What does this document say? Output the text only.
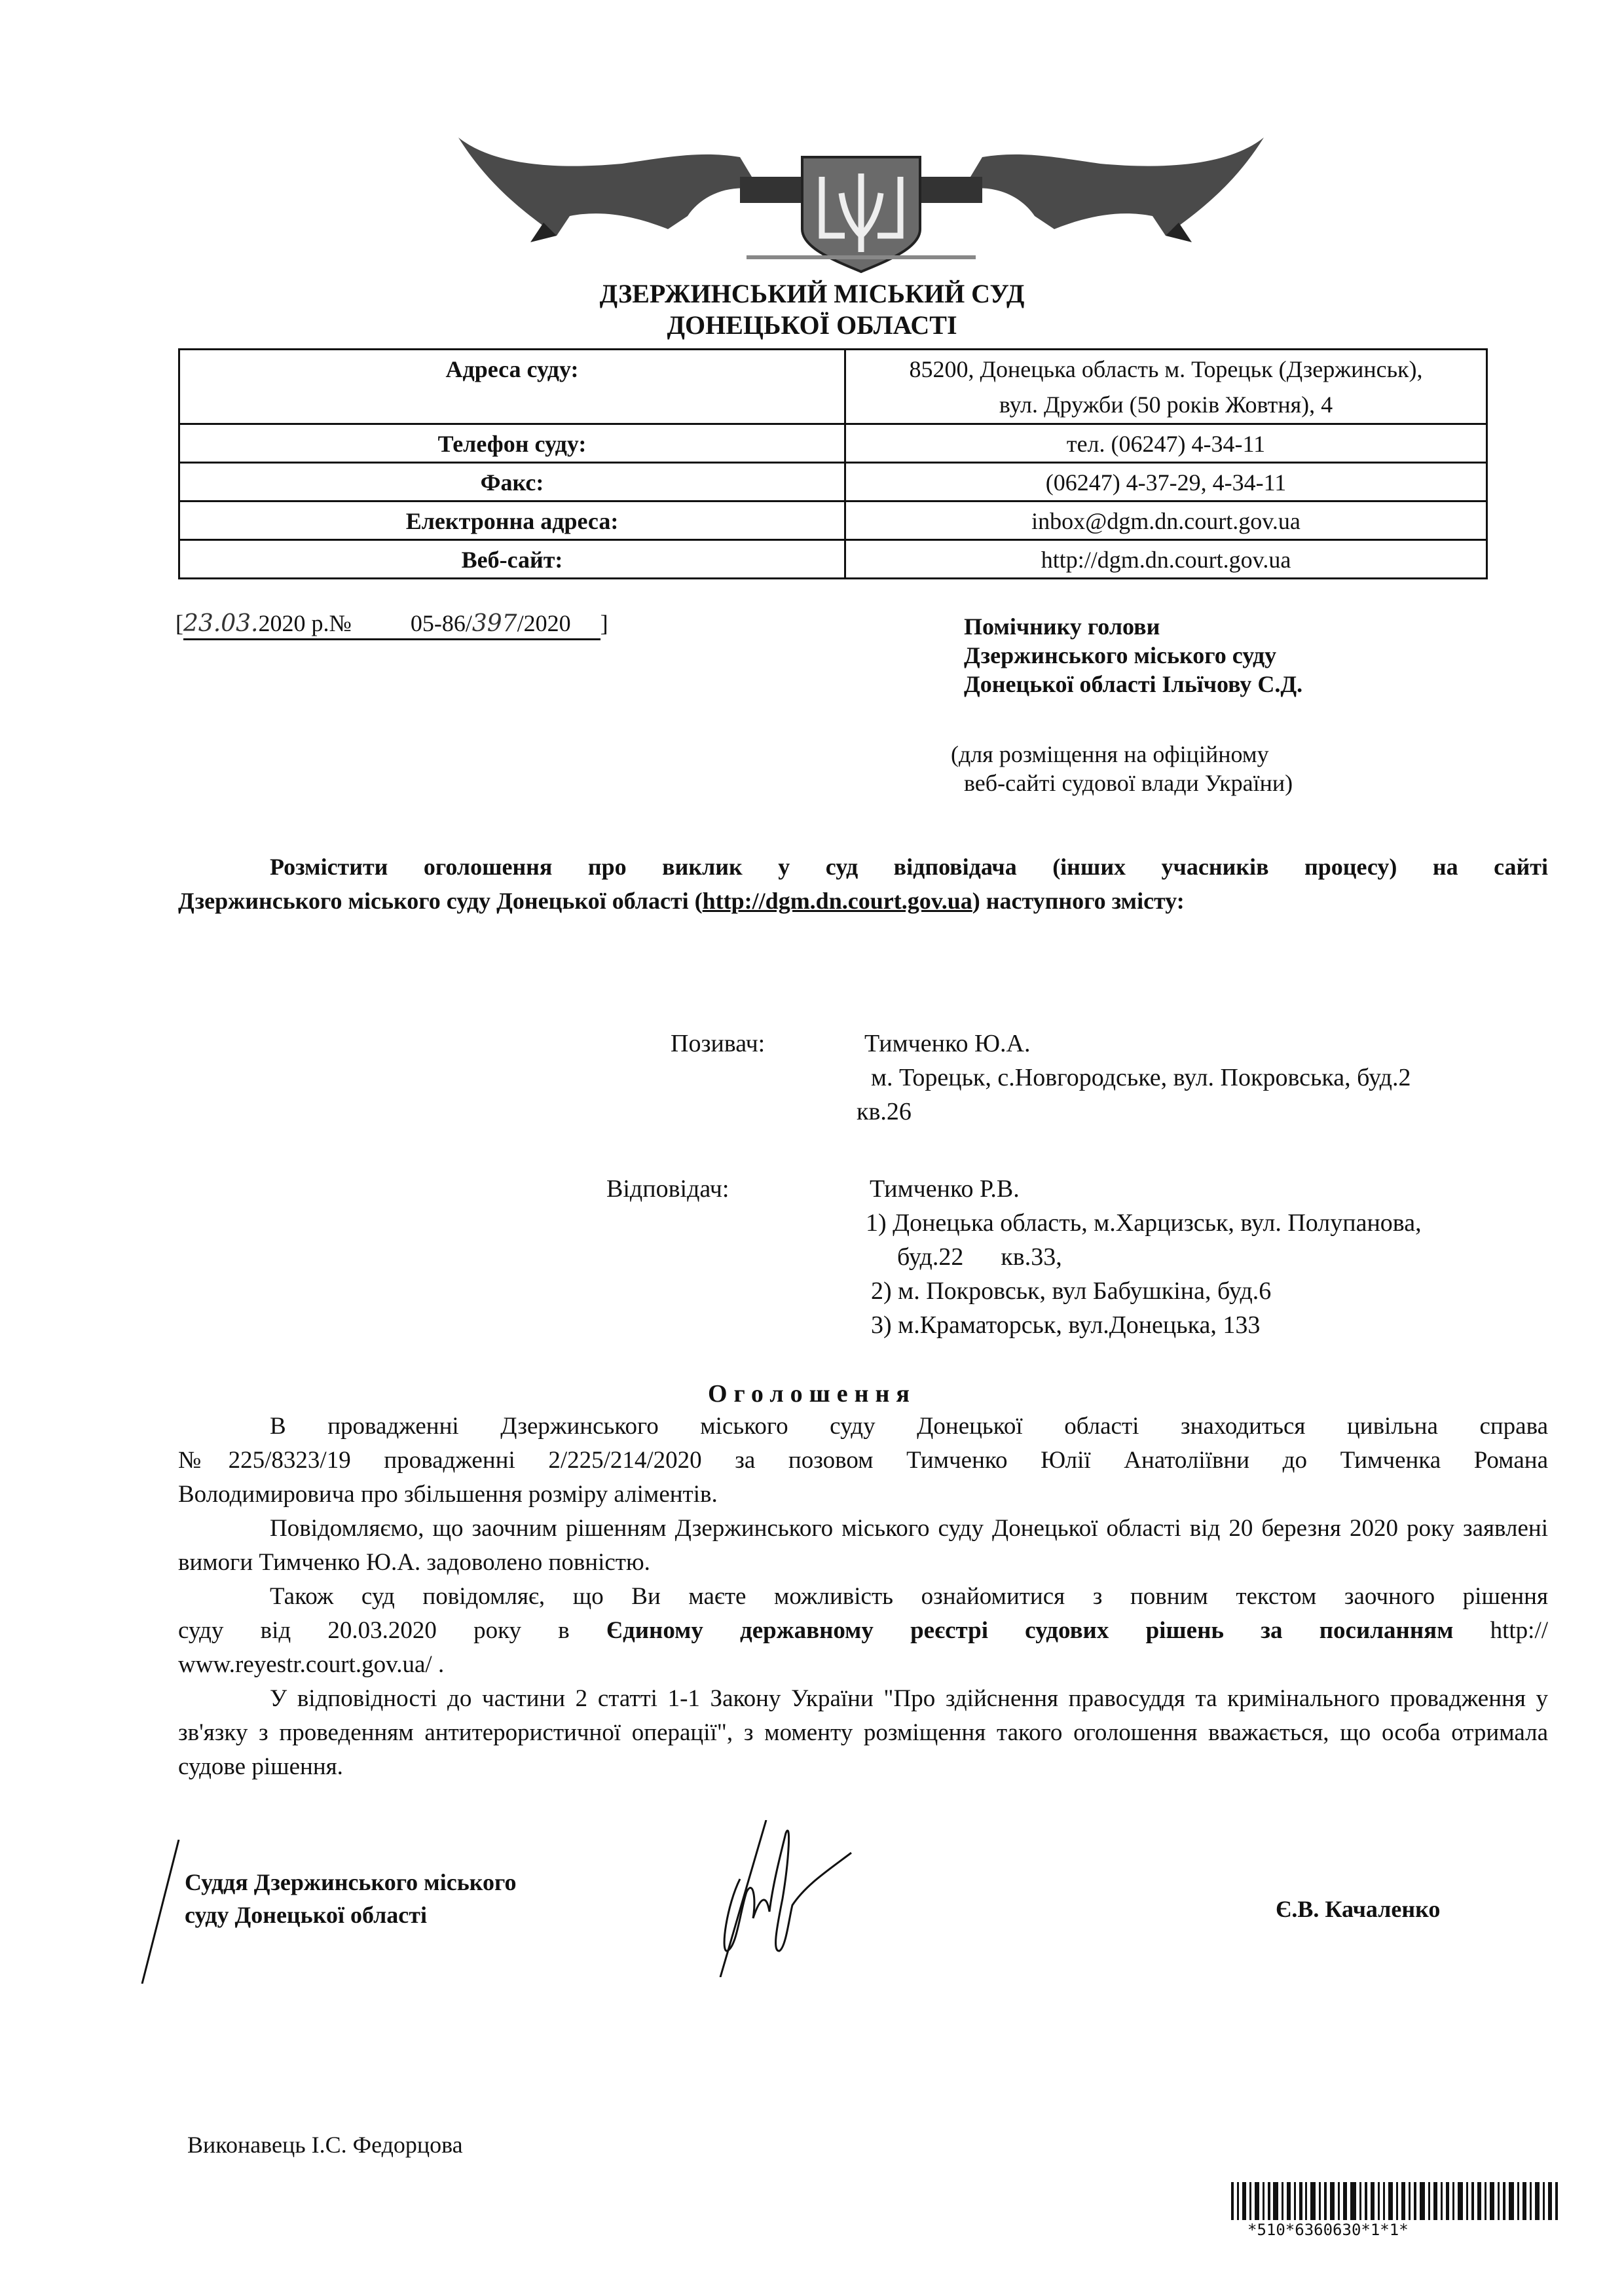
ДЗЕРЖИНСЬКИЙ МІСЬКИЙ СУД
ДОНЕЦЬКОЇ ОБЛАСТІ
Адреса суду:	85200, Донецька область м. Торецьк (Дзержинськ),
вул. Дружби (50 років Жовтня), 4

Телефон суду:	тел. (06247) 4-34-11
Факс:	(06247) 4-37-29, 4-34-11
Електронна адреса:	inbox@dgm.dn.court.gov.ua
Веб-сайт:	http://dgm.dn.court.gov.ua
[23.03.2020 р.№	05-86/397/2020 ]	Помічнику голови
Дзержинського міського суду
Донецької області Ільїчову С.Д.
(для розміщення на офіційному
веб-сайті судової влади України)
Розмістити оголошення про виклик у суд відповідача (інших учасників процесу) на сайті
Дзержинського міського суду Донецької області (http://dgm.dn.court.gov.ua) наступного змісту:
Позивач:	Тимченко Ю.А.
м. Торецьк, с.Новгородське, вул. Покровська, буд.2
кв.26
Відповідач:	Тимченко Р.В.
1) Донецька область, м.Харцизськ, вул. Полупанова,
буд.22      кв.33,
2) м. Покровськ, вул Бабушкіна, буд.6
3) м.Краматорськ, вул.Донецька, 133
Оголошення

В провадженні Дзержинського міського суду Донецької області знаходиться цивільна справа

№225/8323/19 провадженні 2/225/214/2020 за позовом Тимченко Юлії Анатоліївни до Тимченка Романа

Володимировича про збільшення розміру аліментів.

Повідомляємо, що заочним рішенням Дзержинського міського суду Донецької області від 20 березня 2020 року заявлені вимоги Тимченко Ю.А. задоволено повністю.

Також суд повідомляє, що Ви маєте можливість ознайомитися з повним текстом заочного рішення

суду від 20.03.2020 року в Єдиному державному реєстрі судових рішень за посиланням http://

www.reyestr.court.gov.ua/ .

У відповідності до частини 2 статті 1-1 Закону України "Про здійснення правосуддя та кримінального провадження у зв'язку з проведенням антитерористичної операції", з моменту розміщення такого оголошення вважається, що особа отримала судове рішення.

Суддя Дзержинського міського
суду Донецької області	Є.В. Качаленко
Виконавець І.С. Федорцова
*510*6360630*1*1*
